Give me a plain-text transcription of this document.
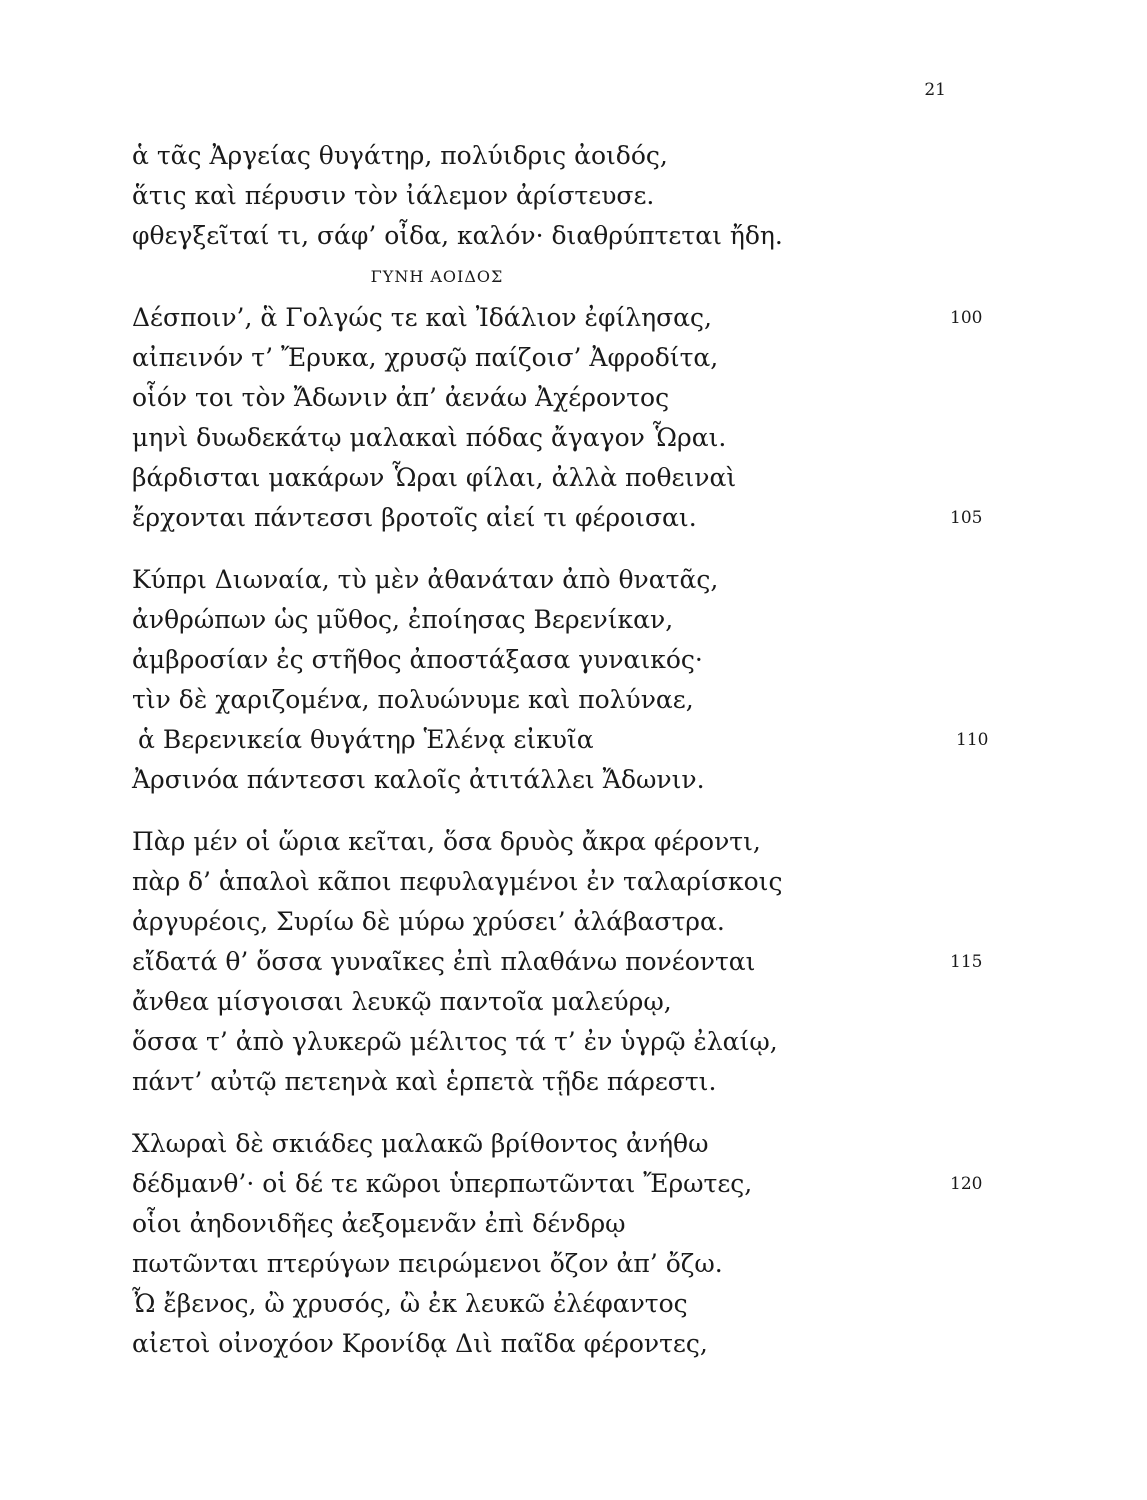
21
ἁ τᾶς Ἀργείας θυγάτηρ, πολύιδρις ἀοιδός,
ἅτις καὶ πέρυσιν τὸν ἰάλεμον ἀρίστευσε.
φθεγξεῖταί τι, σάφ’ οἶδα, καλόν· διαθρύπτεται ἤδη.
ΓΥΝΗ ΑΟΙΔΟΣ
Δέσποιν’, ἃ Γολγώς τε καὶ Ἰδάλιον ἐφίλησας,	100
αἰπεινόν τ’ Ἔρυκα, χρυσῷ παίζοισ’ Ἀφροδίτα,
οἷόν τοι τὸν Ἄδωνιν ἀπ’ ἀενάω Ἀχέροντος
μηνὶ δυωδεκάτῳ μαλακαὶ πόδας ἄγαγον Ὧραι.
βάρδισται μακάρων Ὧραι φίλαι, ἀλλὰ ποθειναὶ
ἔρχονται πάντεσσι βροτοῖς αἰεί τι φέροισαι.	105
Κύπρι Διωναία, τὺ μὲν ἀθανάταν ἀπὸ θνατᾶς,
ἀνθρώπων ὡς μῦθος, ἐποίησας Βερενίκαν,
ἀμβροσίαν ἐς στῆθος ἀποστάξασα γυναικός·
τὶν δὲ χαριζομένα, πολυώνυμε καὶ πολύναε,
ἁ Βερενικεία θυγάτηρ Ἑλένᾳ εἰκυῖα	110
Ἀρσινόα πάντεσσι καλοῖς ἀτιτάλλει Ἄδωνιν.
Πὰρ μέν οἱ ὥρια κεῖται, ὅσα δρυὸς ἄκρα φέροντι,
πὰρ δ’ ἁπαλοὶ κᾶποι πεφυλαγμένοι ἐν ταλαρίσκοις
ἀργυρέοις, Συρίω δὲ μύρω χρύσει’ ἀλάβαστρα.
εἴδατά θ’ ὅσσα γυναῖκες ἐπὶ πλαθάνω πονέονται	115
ἄνθεα μίσγοισαι λευκῷ παντοῖα μαλεύρῳ,
ὅσσα τ’ ἀπὸ γλυκερῶ μέλιτος τά τ’ ἐν ὑγρῷ ἐλαίῳ,
πάντ’ αὐτῷ πετεηνὰ καὶ ἑρπετὰ τῇδε πάρεστι.
Χλωραὶ δὲ σκιάδες μαλακῶ βρίθοντος ἀνήθω
δέδμανθ’· οἱ δέ τε κῶροι ὑπερπωτῶνται Ἔρωτες,	120
οἷοι ἀηδονιδῆες ἀεξομενᾶν ἐπὶ δένδρῳ
πωτῶνται πτερύγων πειρώμενοι ὄζον ἀπ’ ὄζω.
Ὦ ἔβενος, ὢ χρυσός, ὢ ἐκ λευκῶ ἐλέφαντος
αἰετοὶ οἰνοχόον Κρονίδᾳ Διὶ παῖδα φέροντες,
